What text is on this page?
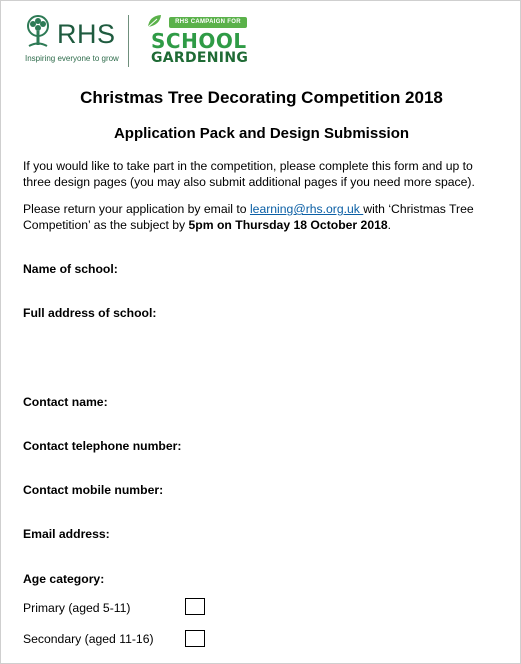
RHS
Inspiring everyone to grow
RHS CAMPAIGN FOR
SCHOOL
GARDENING
Christmas Tree Decorating Competition 2018
Application Pack and Design Submission

If you would like to take part in the competition, please complete this form and up to three design pages (you may also submit additional pages if you need more space).

Please return your application by email to learning@rhs.org.uk with ‘Christmas Tree Competition’ as the subject by 5pm on Thursday 18 October 2018.

Name of school:

Full address of school:

Contact name:

Contact telephone number:

Contact mobile number:

Email address:

Age category:

Primary (aged 5-11)

Secondary (aged 11-16)
